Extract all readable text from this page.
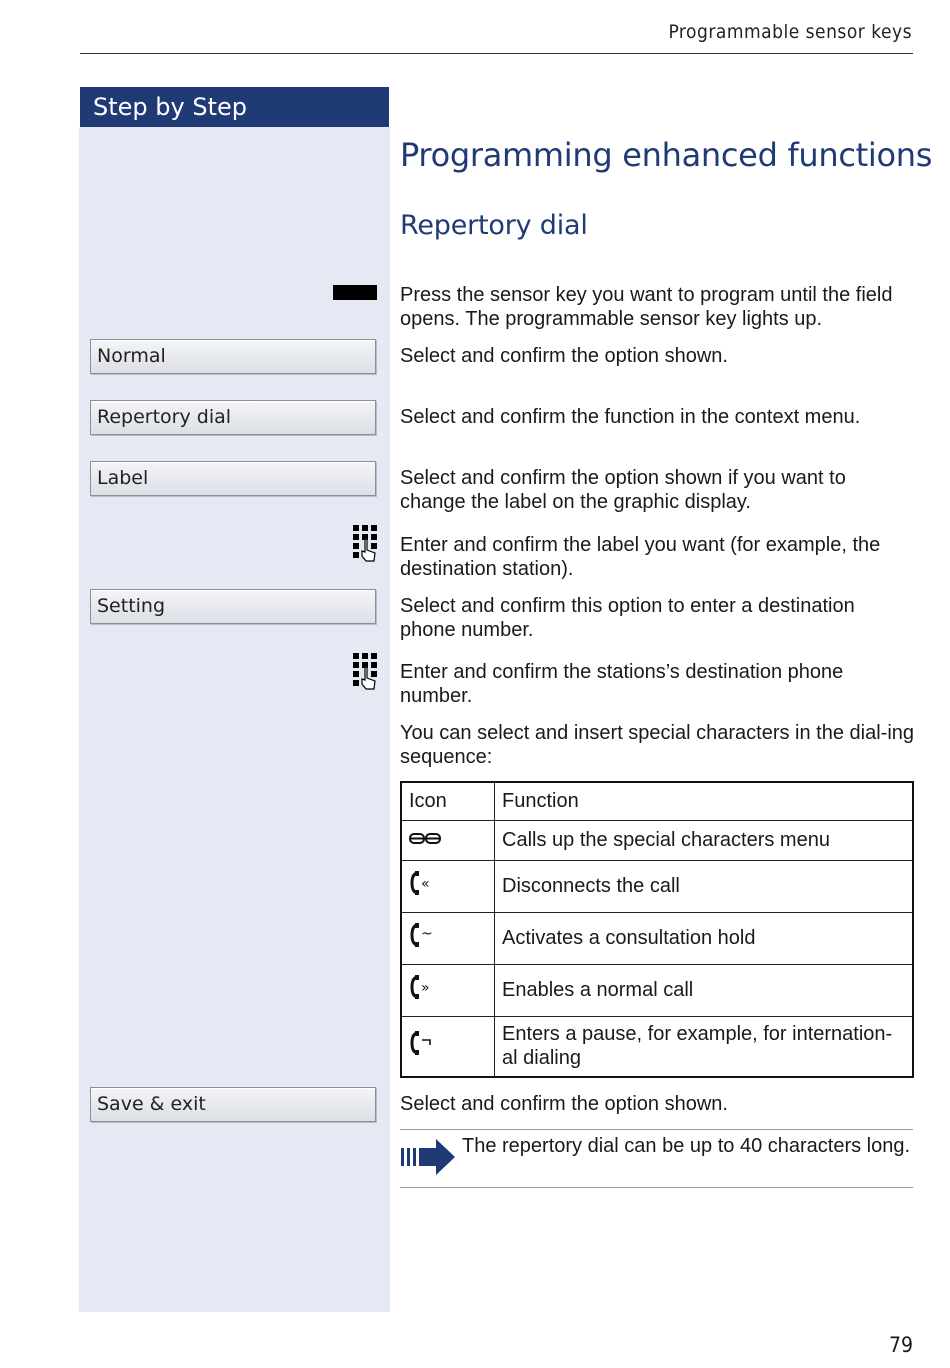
Programmable sensor keys
Step by Step
Programming enhanced functions
Repertory dial
Press the sensor key you want to program until the field opens. The programmable sensor key lights up.
Normal	Select and confirm the option shown.
Repertory dial	Select and confirm the function in the context menu.
Label	Select and confirm the option shown if you want to change the label on the graphic display.
Enter and confirm the label you want (for example, the destination station).
Setting	Select and confirm this option to enter a destination phone number.
Enter and confirm the stations’s destination phone number.
You can select and insert special characters in the dial-ing sequence:
Icon	Function
	Calls up the special characters menu

«	Disconnects the call

~	Activates a consultation hold

»	Enables a normal call
	Enters a pause, for example, for internation-al dialing
Save & exit	Select and confirm the option shown.
The repertory dial can be up to 40 characters long.
79
